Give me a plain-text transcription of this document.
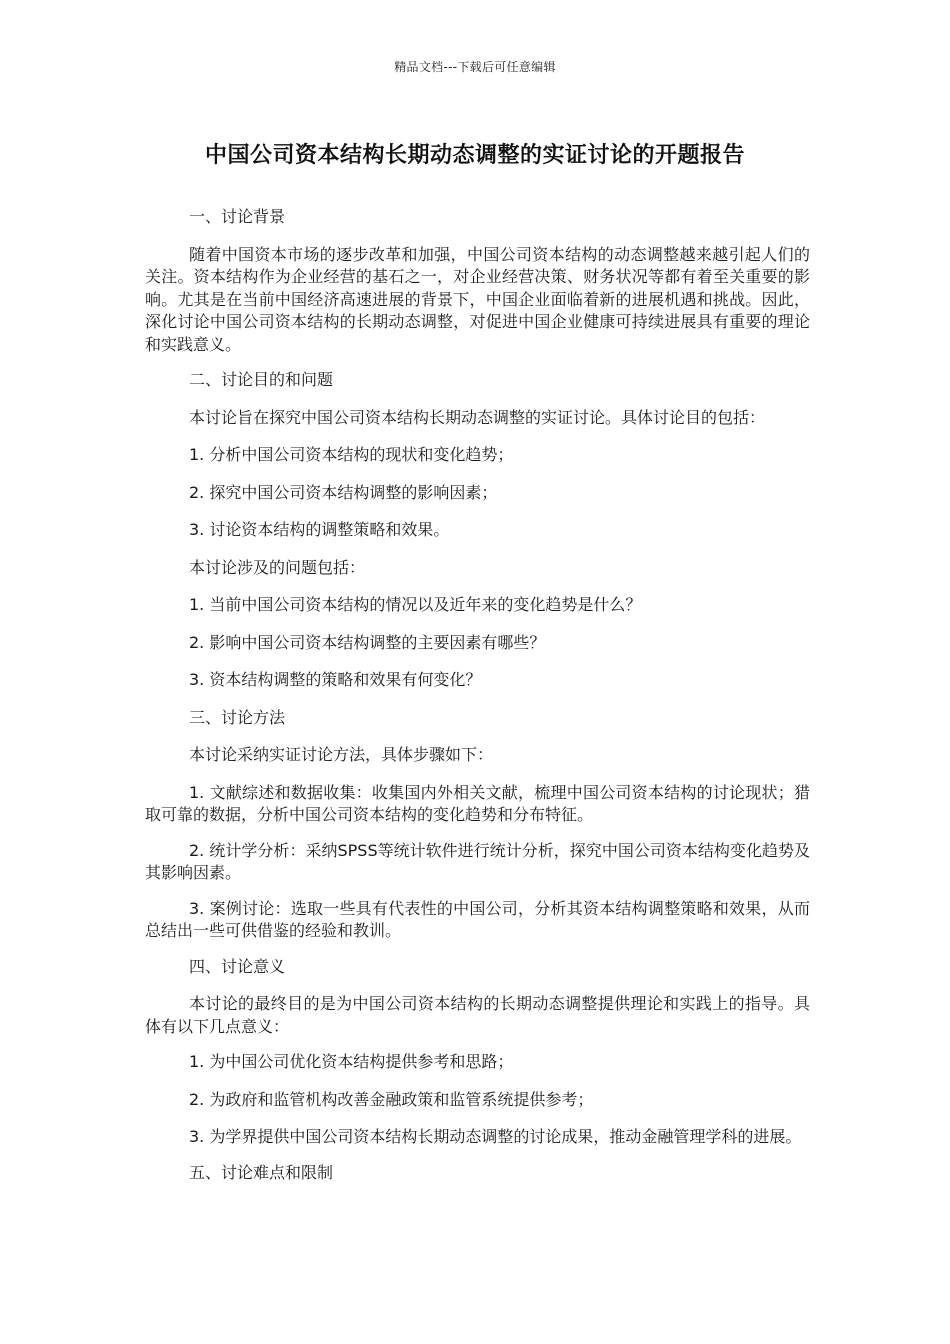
精品文档---下载后可任意编辑
中国公司资本结构长期动态调整的实证讨论的开题报告

一、讨论背景

随着中国资本市场的逐步改革和加强，中国公司资本结构的动态调整越来越引起人们的关注。资本结构作为企业经营的基石之一，对企业经营决策、财务状况等都有着至关重要的影响。尤其是在当前中国经济高速进展的背景下，中国企业面临着新的进展机遇和挑战。因此，深化讨论中国公司资本结构的长期动态调整，对促进中国企业健康可持续进展具有重要的理论和实践意义。

二、讨论目的和问题

本讨论旨在探究中国公司资本结构长期动态调整的实证讨论。具体讨论目的包括：

1. 分析中国公司资本结构的现状和变化趋势；

2. 探究中国公司资本结构调整的影响因素；

3. 讨论资本结构的调整策略和效果。

本讨论涉及的问题包括：

1. 当前中国公司资本结构的情况以及近年来的变化趋势是什么？

2. 影响中国公司资本结构调整的主要因素有哪些？

3. 资本结构调整的策略和效果有何变化？

三、讨论方法

本讨论采纳实证讨论方法，具体步骤如下：

1. 文献综述和数据收集：收集国内外相关文献，梳理中国公司资本结构的讨论现状；猎取可靠的数据，分析中国公司资本结构的变化趋势和分布特征。

2. 统计学分析：采纳SPSS等统计软件进行统计分析，探究中国公司资本结构变化趋势及其影响因素。

3. 案例讨论：选取一些具有代表性的中国公司，分析其资本结构调整策略和效果，从而总结出一些可供借鉴的经验和教训。

四、讨论意义

本讨论的最终目的是为中国公司资本结构的长期动态调整提供理论和实践上的指导。具体有以下几点意义：

1. 为中国公司优化资本结构提供参考和思路；

2. 为政府和监管机构改善金融政策和监管系统提供参考；

3. 为学界提供中国公司资本结构长期动态调整的讨论成果，推动金融管理学科的进展。

五、讨论难点和限制
